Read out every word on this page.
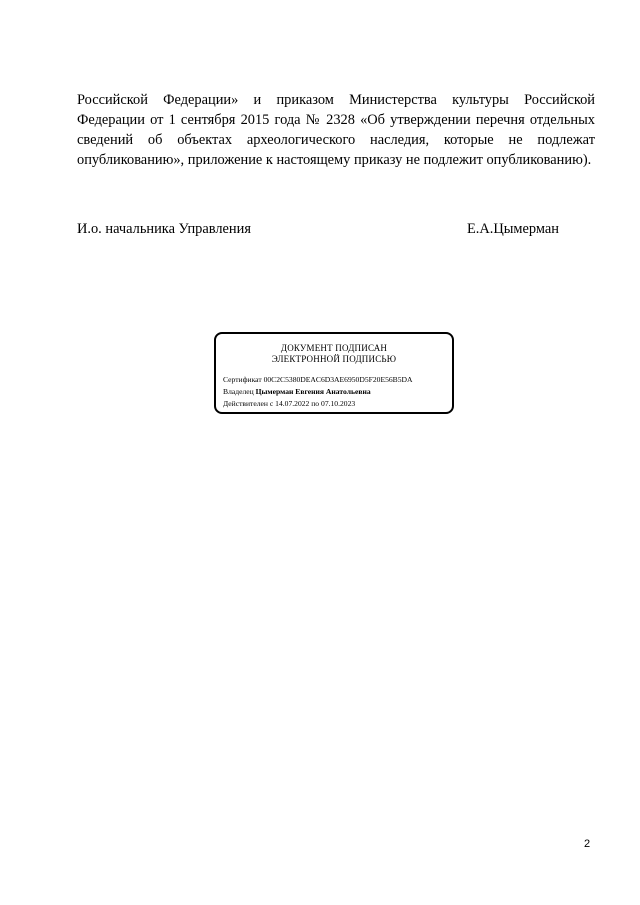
Российской Федерации» и приказом Министерства культуры Российской Федерации от 1 сентября 2015 года № 2328 «Об утверждении перечня отдельных сведений об объектах археологического наследия, которые не подлежат опубликованию», приложение к настоящему приказу не подлежит опубликованию).

И.о. начальника Управления	Е.А.Цымерман
ДОКУМЕНТ ПОДПИСАН
ЭЛЕКТРОННОЙ ПОДПИСЬЮ
Сертификат 00C2C5380DEAC6D3AE6950D5F20E56B5DA
Владелец Цымерман Евгения Анатольевна
Действителен с 14.07.2022 по 07.10.2023
2
